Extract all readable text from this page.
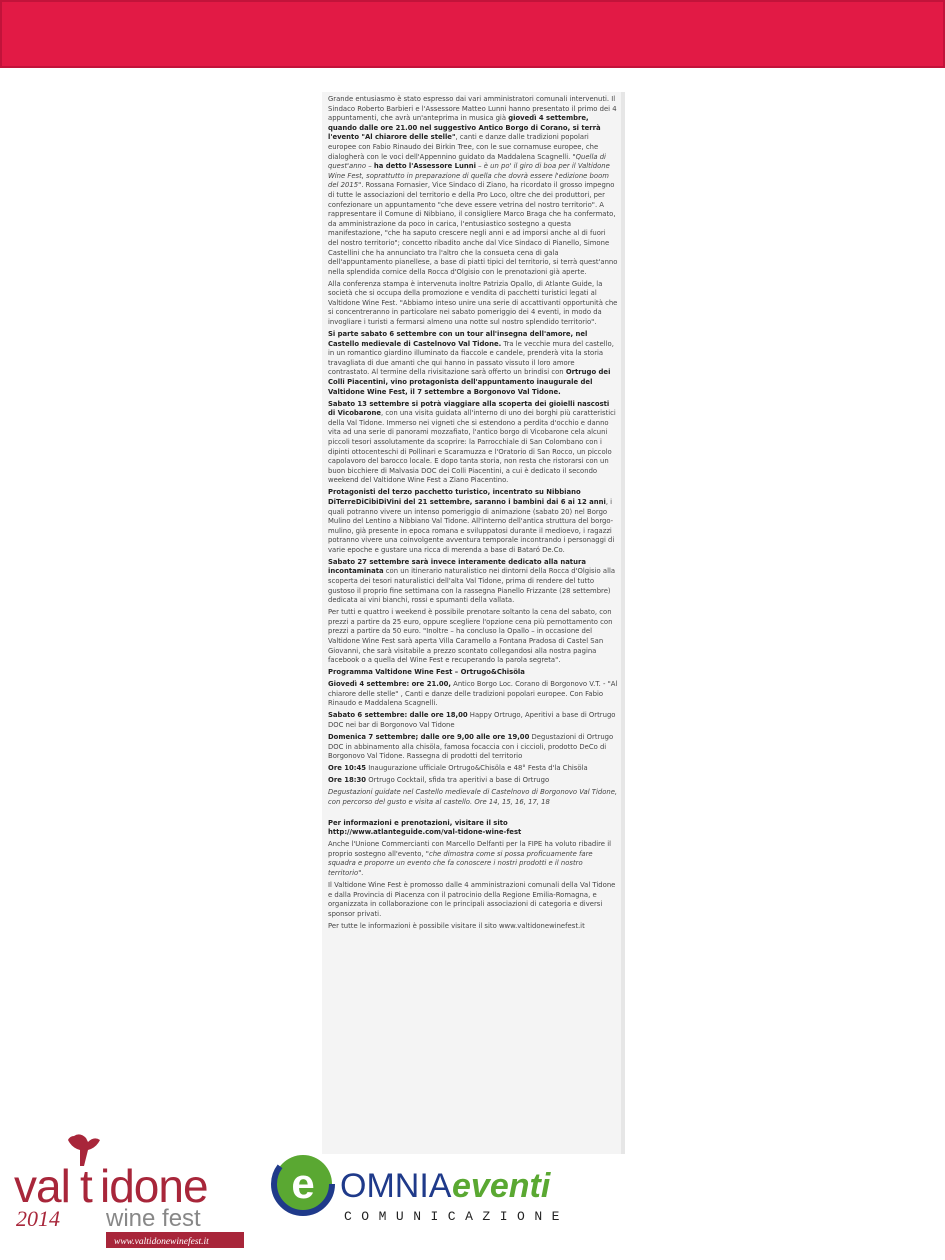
Grande entusiasmo è stato espresso dai vari amministratori comunali intervenuti. Il Sindaco Roberto Barbieri e l'Assessore Matteo Lunni hanno presentato il primo dei 4 appuntamenti, che avrà un'anteprima in musica già giovedì 4 settembre, quando dalle ore 21.00 nel suggestivo Antico Borgo di Corano, si terrà l'evento "Al chiarore delle stelle", canti e danze dalle tradizioni popolari europee con Fabio Rinaudo dei Birkin Tree, con le sue cornamuse europee, che dialogherà con le voci dell'Appennino guidato da Maddalena Scagnelli. "Quella di quest'anno – ha detto l'Assessore Lunni – è un po' il giro di boa per il Valtidone Wine Fest, soprattutto in preparazione di quella che dovrà essere l'edizione boom del 2015". Rossana Fornasier, Vice Sindaco di Ziano, ha ricordato il grosso impegno di tutte le associazioni del territorio e della Pro Loco, oltre che dei produttori, per confezionare un appuntamento "che deve essere vetrina del nostro territorio". A rappresentare il Comune di Nibbiano, il consigliere Marco Braga che ha confermato, da amministrazione da poco in carica, l'entusiastico sostegno a questa manifestazione, "che ha saputo crescere negli anni e ad imporsi anche al di fuori del nostro territorio"; concetto ribadito anche dal Vice Sindaco di Pianello, Simone Castellini che ha annunciato tra l'altro che la consueta cena di gala dell'appuntamento pianellese, a base di piatti tipici del territorio, si terrà quest'anno nella splendida cornice della Rocca d'Olgisio con le prenotazioni già aperte.

Alla conferenza stampa è intervenuta inoltre Patrizia Opallo, di Atlante Guide, la società che si occupa della promozione e vendita di pacchetti turistici legati al Valtidone Wine Fest. "Abbiamo inteso unire una serie di accattivanti opportunità che si concentreranno in particolare nei sabato pomeriggio dei 4 eventi, in modo da invogliare i turisti a fermarsi almeno una notte sul nostro splendido territorio".

Si parte sabato 6 settembre con un tour all'insegna dell'amore, nel Castello medievale di Castelnovo Val Tidone. Tra le vecchie mura del castello, in un romantico giardino illuminato da fiaccole e candele, prenderà vita la storia travagliata di due amanti che qui hanno in passato vissuto il loro amore contrastato. Al termine della rivisitazione sarà offerto un brindisi con Ortrugo dei Colli Piacentini, vino protagonista dell'appuntamento inaugurale del Valtidone Wine Fest, il 7 settembre a Borgonovo Val Tidone.

Sabato 13 settembre si potrà viaggiare alla scoperta dei gioielli nascosti di Vicobarone, con una visita guidata all'interno di uno dei borghi più caratteristici della Val Tidone. Immerso nei vigneti che si estendono a perdita d'occhio e danno vita ad una serie di panorami mozzafiato, l'antico borgo di Vicobarone cela alcuni piccoli tesori assolutamente da scoprire: la Parrocchiale di San Colombano con i dipinti ottocenteschi di Pollinari e Scaramuzza e l'Oratorio di San Rocco, un piccolo capolavoro del barocco locale. E dopo tanta storia, non resta che ristorarsi con un buon bicchiere di Malvasia DOC dei Colli Piacentini, a cui è dedicato il secondo weekend del Valtidone Wine Fest a Ziano Piacentino.

Protagonisti del terzo pacchetto turistico, incentrato su Nibbiano DiTerreDiCibiDiVini del 21 settembre, saranno i bambini dai 6 ai 12 anni, i quali potranno vivere un intenso pomeriggio di animazione (sabato 20) nel Borgo Mulino del Lentino a Nibbiano Val Tidone. All'interno dell'antica struttura del borgo-mulino, già presente in epoca romana e sviluppatosi durante il medioevo, i ragazzi potranno vivere una coinvolgente avventura temporale incontrando i personaggi di varie epoche e gustare una ricca di merenda a base di Bataró De.Co.

Sabato 27 settembre sarà invece interamente dedicato alla natura incontaminata con un itinerario naturalistico nei dintorni della Rocca d'Olgisio alla scoperta dei tesori naturalistici dell'alta Val Tidone, prima di rendere del tutto gustoso il proprio fine settimana con la rassegna Pianello Frizzante (28 settembre) dedicata ai vini bianchi, rossi e spumanti della vallata.

Per tutti e quattro i weekend è possibile prenotare soltanto la cena del sabato, con prezzi a partire da 25 euro, oppure scegliere l'opzione cena più pernottamento con prezzi a partire da 50 euro. "Inoltre – ha concluso la Opallo – in occasione del Valtidone Wine Fest sarà aperta Villa Caramello a Fontana Pradosa di Castel San Giovanni, che sarà visitabile a prezzo scontato collegandosi alla nostra pagina facebook o a quella del Wine Fest e recuperando la parola segreta".

Programma Valtidone Wine Fest – Ortrugo&Chisöla

Giovedì 4 settembre: ore 21.00, Antico Borgo Loc. Corano di Borgonovo V.T. - "Al chiarore delle stelle" , Canti e danze delle tradizioni popolari europee. Con Fabio Rinaudo e Maddalena Scagnelli.

Sabato 6 settembre: dalle ore 18,00 Happy Ortrugo, Aperitivi a base di Ortrugo DOC nei bar di Borgonovo Val Tidone

Domenica 7 settembre; dalle ore 9,00 alle ore 19,00 Degustazioni di Ortrugo DOC in abbinamento alla chisöla, famosa focaccia con i ciccioli, prodotto DeCo di Borgonovo Val Tidone. Rassegna di prodotti del territorio

Ore 10:45 Inaugurazione ufficiale Ortrugo&Chisöla e 48° Festa d'la Chisöla

Ore 18:30 Ortrugo Cocktail, sfida tra aperitivi a base di Ortrugo

Degustazioni guidate nel Castello medievale di Castelnovo di Borgonovo Val Tidone, con percorso del gusto e visita al castello. Ore 14, 15, 16, 17, 18

Per informazioni e prenotazioni, visitare il sito http://www.atlanteguide.com/val-tidone-wine-fest

Anche l'Unione Commercianti con Marcello Delfanti per la FIPE ha voluto ribadire il proprio sostegno all'evento, "che dimostra come si possa proficuamente fare squadra e proporre un evento che fa conoscere i nostri prodotti e il nostro territorio".

Il Valtidone Wine Fest è promosso dalle 4 amministrazioni comunali della Val Tidone e dalla Provincia di Piacenza con il patrocinio della Regione Emilia-Romagna, e organizzata in collaborazione con le principali associazioni di categoria e diversi sponsor privati.

Per tutte le informazioni è possibile visitare il sito www.valtidonewinefest.it

val t idone
2014 wine fest
www.valtidonewinefest.it
e OMNIA eventi
COMUNICAZIONE
